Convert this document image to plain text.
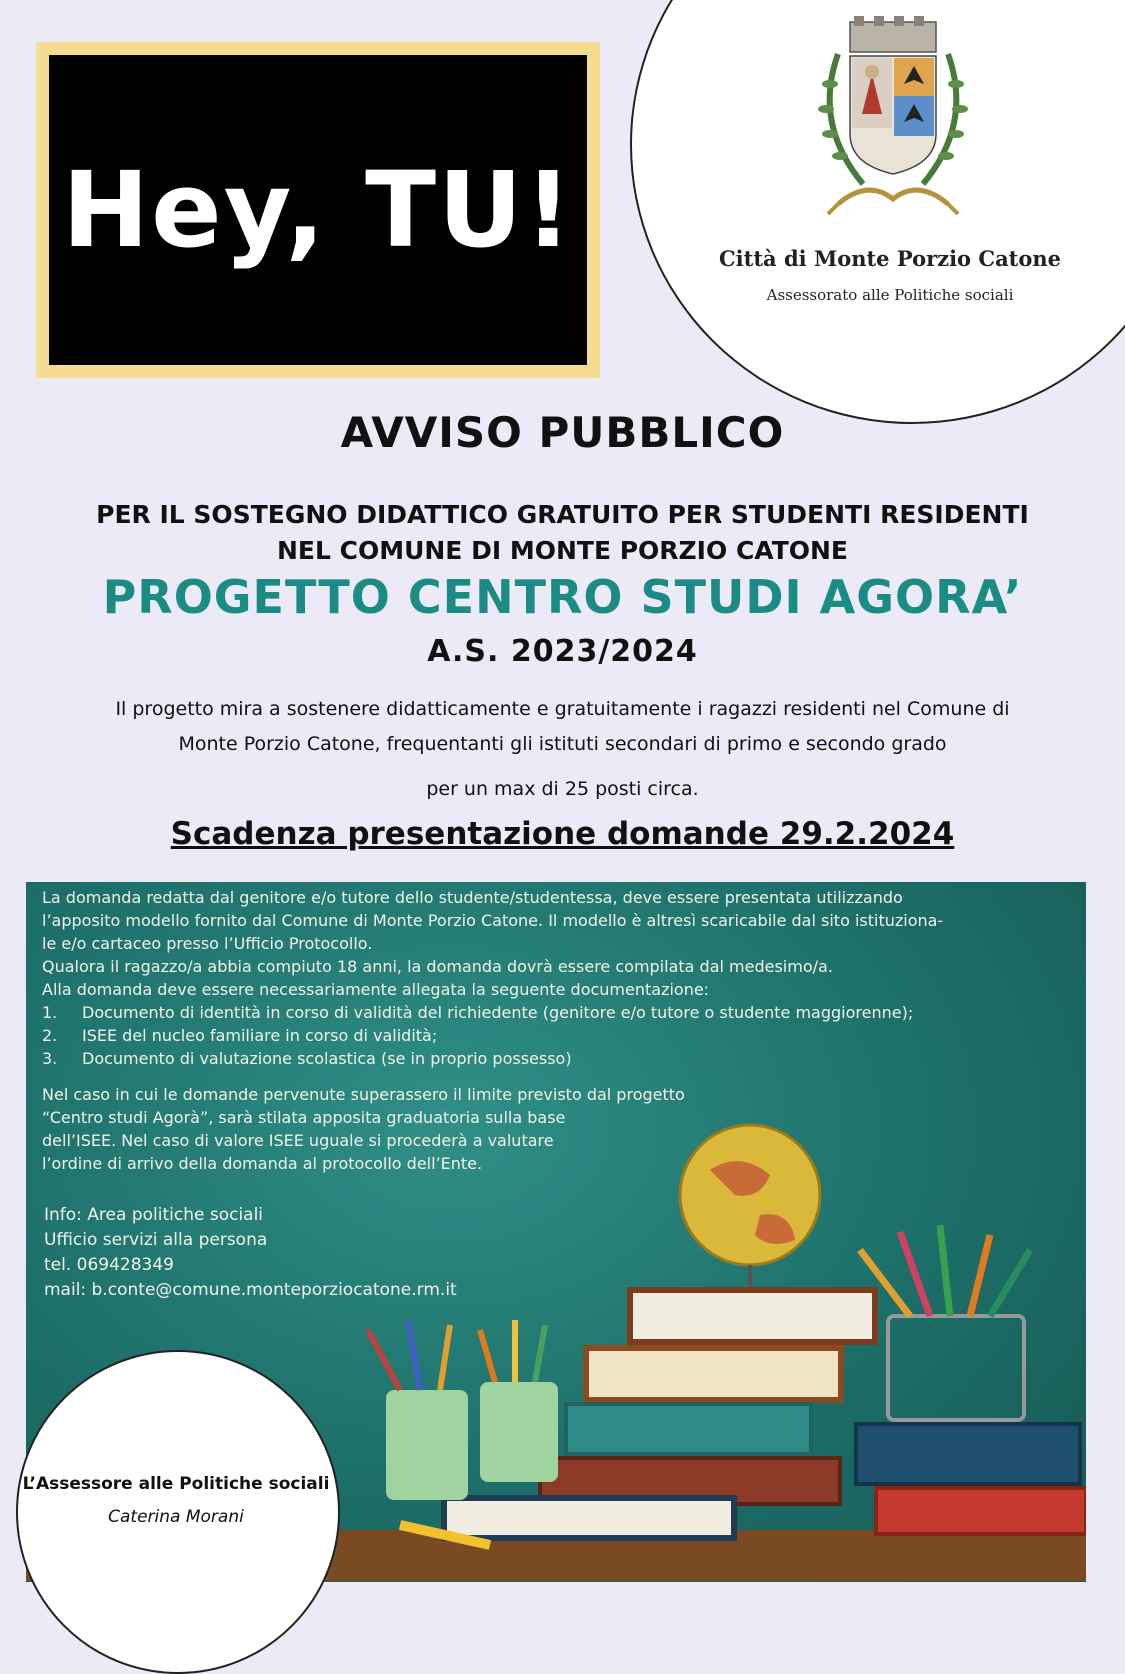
Hey, TU!	Città di Monte Porzio Catone
Assessorato alle Politiche sociali
AVVISO PUBBLICO
PER IL SOSTEGNO DIDATTICO GRATUITO PER STUDENTI RESIDENTI
NEL COMUNE DI MONTE PORZIO CATONE
PROGETTO CENTRO STUDI AGORA’
A.S. 2023/2024
Il progetto mira a sostenere didatticamente e gratuitamente i ragazzi residenti nel Comune di
Monte Porzio Catone, frequentanti gli istituti secondari di primo e secondo grado
per un max di 25 posti circa.
Scadenza presentazione domande 29.2.2024
La domanda redatta dal genitore e/o tutore dello studente/studentessa, deve essere presentata utilizzando
l’apposito modello fornito dal Comune di Monte Porzio Catone. Il modello è altresì scaricabile dal sito istituziona-
le e/o cartaceo presso l’Ufficio Protocollo.
Qualora il ragazzo/a abbia compiuto 18 anni, la domanda dovrà essere compilata dal medesimo/a.
Alla domanda deve essere necessariamente allegata la seguente documentazione:
1. Documento di identità in corso di validità del richiedente (genitore e/o tutore o studente maggiorenne);
2. ISEE del nucleo familiare in corso di validità;
3. Documento di valutazione scolastica (se in proprio possesso)
Nel caso in cui le domande pervenute superassero il limite previsto dal progetto
“Centro studi Agorà”, sarà stilata apposita graduatoria sulla base
dell’ISEE. Nel caso di valore ISEE uguale si procederà a valutare
l’ordine di arrivo della domanda al protocollo dell’Ente.
Info: Area politiche sociali
Ufficio servizi alla persona
tel. 069428349
mail: b.conte@comune.monteporziocatone.rm.it
L’Assessore alle Politiche sociali
Caterina Morani
